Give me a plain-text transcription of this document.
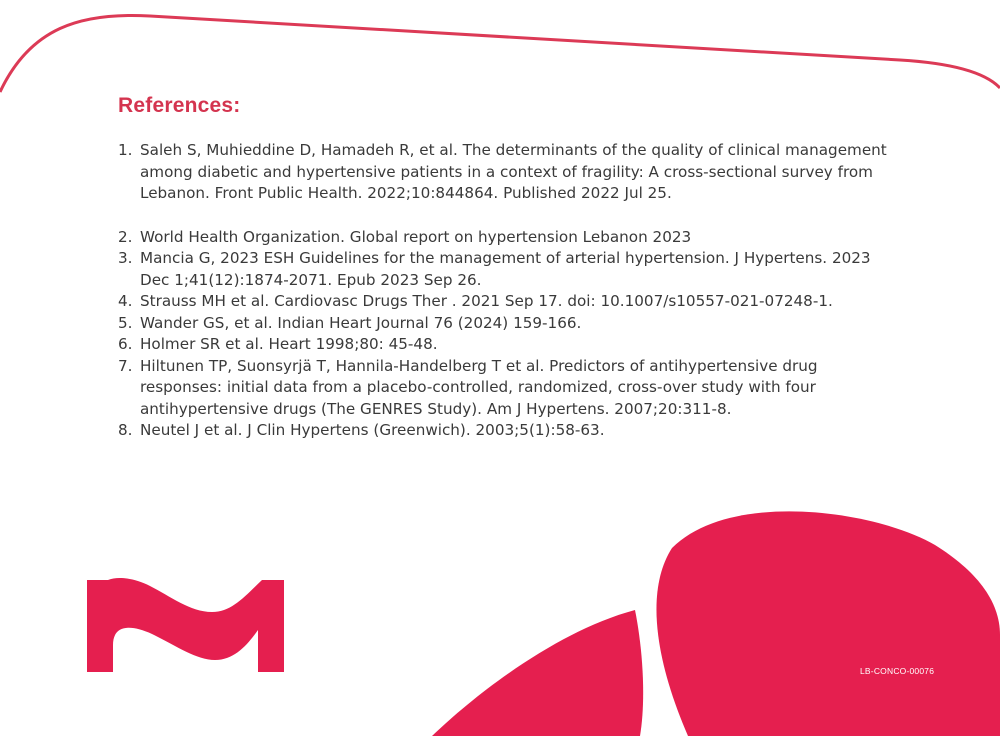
References:
1. Saleh S, Muhieddine D, Hamadeh R, et al. The determinants of the quality of clinical management among diabetic and hypertensive patients in a context of fragility: A cross-sectional survey from Lebanon. Front Public Health. 2022;10:844864. Published 2022 Jul 25.
2. World Health Organization. Global report on hypertension Lebanon 2023
3. Mancia G, 2023 ESH Guidelines for the management of arterial hypertension. J Hypertens. 2023 Dec 1;41(12):1874-2071. Epub 2023 Sep 26.
4. Strauss MH et al. Cardiovasc Drugs Ther . 2021 Sep 17. doi: 10.1007/s10557-021-07248-1.
5. Wander GS, et al. Indian Heart Journal 76 (2024) 159-166.
6. Holmer SR et al. Heart 1998;80: 45-48.
7. Hiltunen TP, Suonsyrjä T, Hannila-Handelberg T et al. Predictors of antihypertensive drug responses: initial data from a placebo-controlled, randomized, cross-over study with four antihypertensive drugs (The GENRES Study). Am J Hypertens. 2007;20:311-8.
8. Neutel J et al. J Clin Hypertens (Greenwich). 2003;5(1):58-63.
LB-CONCO-00076
